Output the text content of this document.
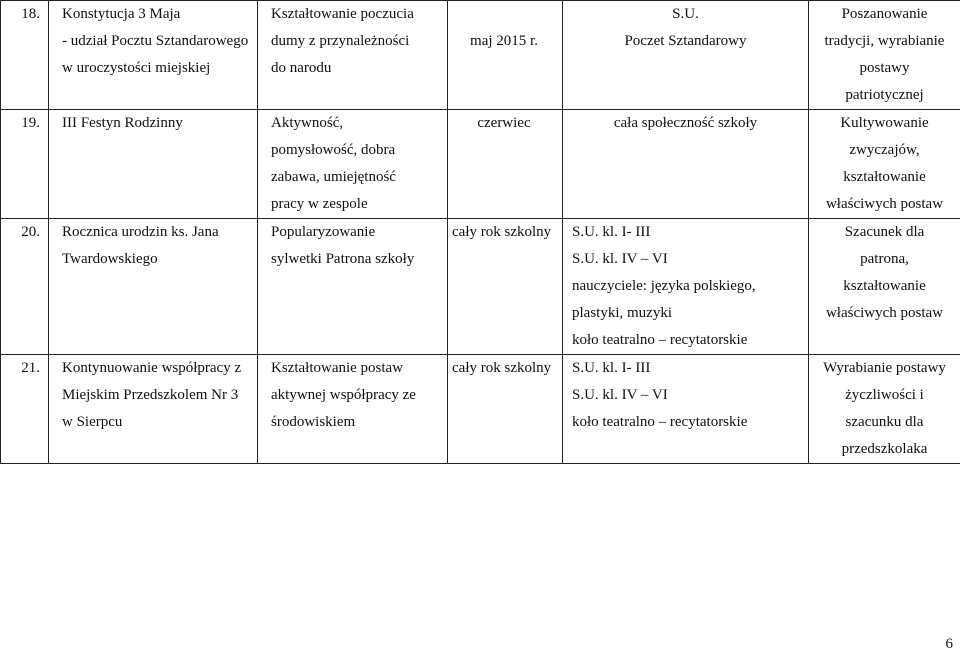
18.	Konstytucja 3 Maja
- udział Pocztu Sztandarowego
w uroczystości miejskiej	Kształtowanie poczucia
dumy z przynależności
do narodu	maj 2015 r.	S.U.
Poczet Sztandarowy	Poszanowanie
tradycji, wyrabianie
postawy
patriotycznej

19.	III Festyn Rodzinny	Aktywność,
pomysłowość, dobra
zabawa, umiejętność
pracy w zespole	czerwiec	cała społeczność szkoły	Kultywowanie
zwyczajów,
kształtowanie
właściwych postaw

20.	Rocznica urodzin ks. Jana
Twardowskiego	Popularyzowanie
sylwetki Patrona szkoły	cały rok szkolny	S.U. kl. I- III
S.U. kl. IV – VI
nauczyciele: języka polskiego,
plastyki, muzyki
koło teatralno – recytatorskie	Szacunek dla
patrona,
kształtowanie
właściwych postaw

21.	Kontynuowanie współpracy z
Miejskim Przedszkolem Nr 3
w Sierpcu	Kształtowanie postaw
aktywnej współpracy ze
środowiskiem	cały rok szkolny	S.U. kl. I- III
S.U. kl. IV – VI
koło teatralno – recytatorskie	Wyrabianie postawy
życzliwości i
szacunku dla
przedszkolaka
6
